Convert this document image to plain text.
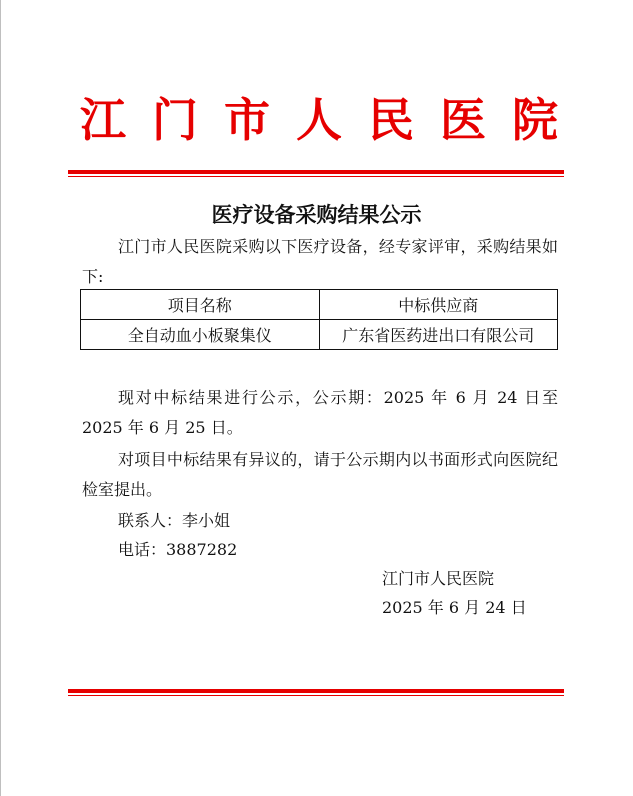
江门市人民医院
医疗设备采购结果公示

江门市人民医院采购以下医疗设备，经专家评审，采购结果如下:

项目名称	中标供应商
全自动血小板聚集仪	广东省医药进出口有限公司

现对中标结果进行公示，公示期：2025 年 6 月 24 日至 2025 年 6 月 25 日。

对项目中标结果有异议的，请于公示期内以书面形式向医院纪检室提出。

联系人：李小姐
电话：3887282
江门市人民医院
2025 年 6 月 24 日
